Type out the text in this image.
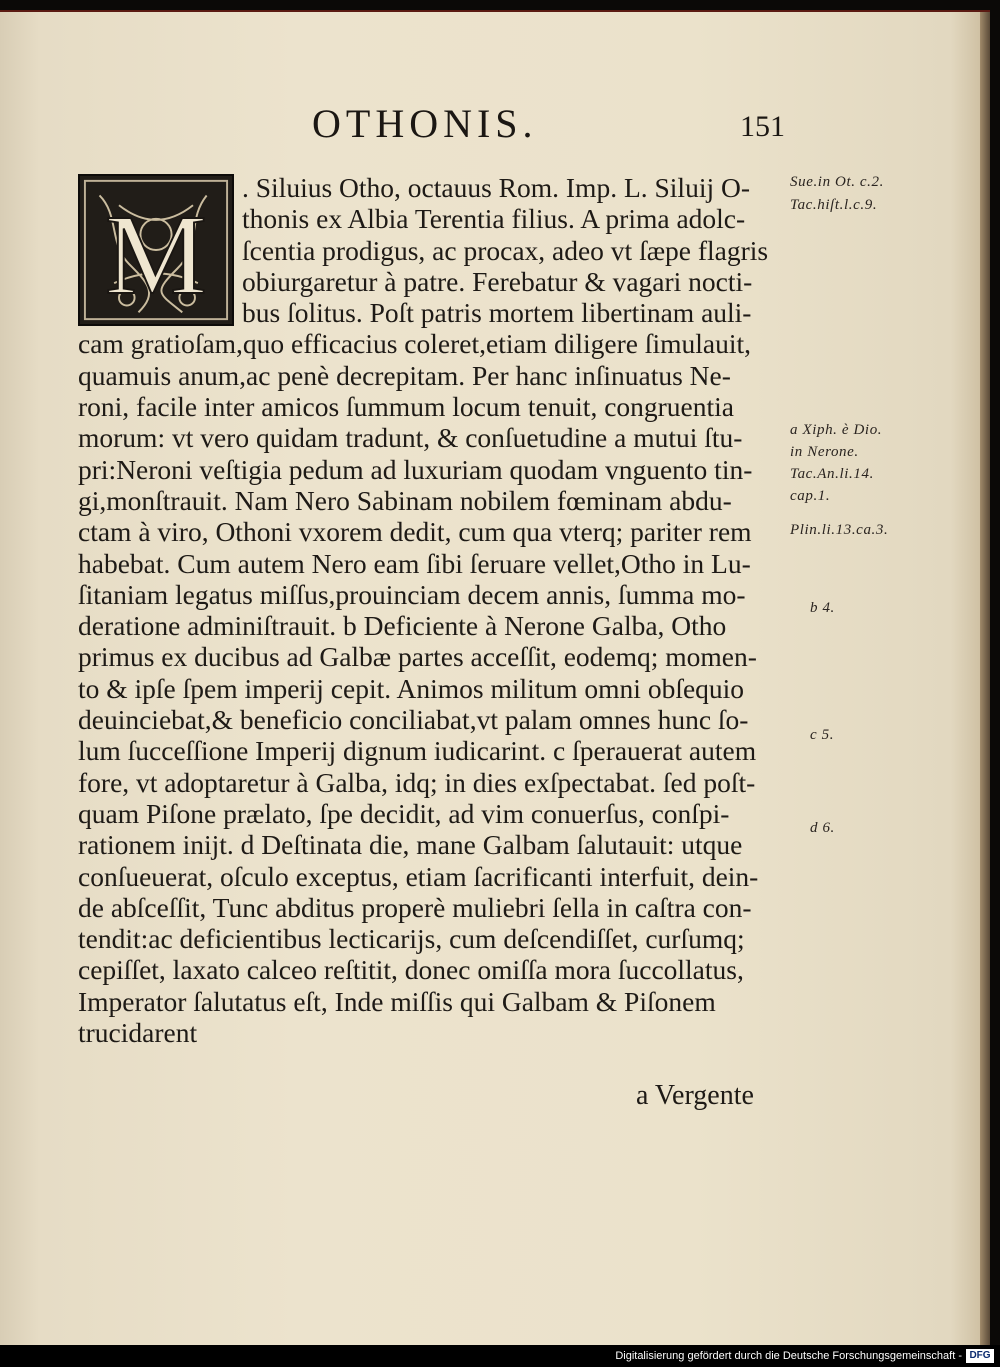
OTHONIS.	151
M
. Siluius Otho, octauus Rom. Imp. L. Siluij O-
thonis ex Albia Terentia filius. A prima adolc-
ſcentia prodigus, ac procax, adeo vt ſæpe flagris
obiurgaretur à patre. Ferebatur & vagari nocti-
bus ſolitus. Poſt patris mortem libertinam auli-
cam gratioſam,quo efficacius coleret,etiam diligere ſimulauit,
quamuis anum,ac penè decrepitam. Per hanc inſinuatus Ne-
roni, facile inter amicos ſummum locum tenuit, congruentia
morum: vt vero quidam tradunt, & conſuetudine a mutui ſtu-
pri:Neroni veſtigia pedum ad luxuriam quodam vnguento tin-
gi,monſtrauit. Nam Nero Sabinam nobilem fœminam abdu-
ctam à viro, Othoni vxorem dedit, cum qua vterq; pariter rem
habebat. Cum autem Nero eam ſibi ſeruare vellet,Otho in Lu-
ſitaniam legatus miſſus,prouinciam decem annis, ſumma mo-
deratione adminiſtrauit. b Deficiente à Nerone Galba, Otho
primus ex ducibus ad Galbæ partes acceſſit, eodemq; momen-
to & ipſe ſpem imperij cepit. Animos militum omni obſequio
deuinciebat,& beneficio conciliabat,vt palam omnes hunc ſo-
lum ſucceſſione Imperij dignum iudicarint. c ſperauerat autem
fore, vt adoptaretur à Galba, idq; in dies exſpectabat. ſed poſt-
quam Piſone prælato, ſpe decidit, ad vim conuerſus, conſpi-
rationem inijt. d Deſtinata die, mane Galbam ſalutauit: utque
conſueuerat, oſculo exceptus, etiam ſacrificanti interfuit, dein-
de abſceſſit, Tunc abditus properè muliebri ſella in caſtra con-
tendit:ac deficientibus lecticarijs, cum deſcendiſſet, curſumq;
cepiſſet, laxato calceo reſtitit, donec omiſſa mora ſuccollatus,
Imperator ſalutatus eſt, Inde miſſis qui Galbam & Piſonem
trucidarent
Sue.in Ot. c.2.
Tac.hiſt.l.c.9.
a Xiph. è Dio.
in Nerone.
Tac.An.li.14.
cap.1.
Plin.li.13.ca.3.
b 4.
c 5.
d 6.
a Vergente
Digitalisierung gefördert durch die Deutsche Forschungsgemeinschaft - DFG
